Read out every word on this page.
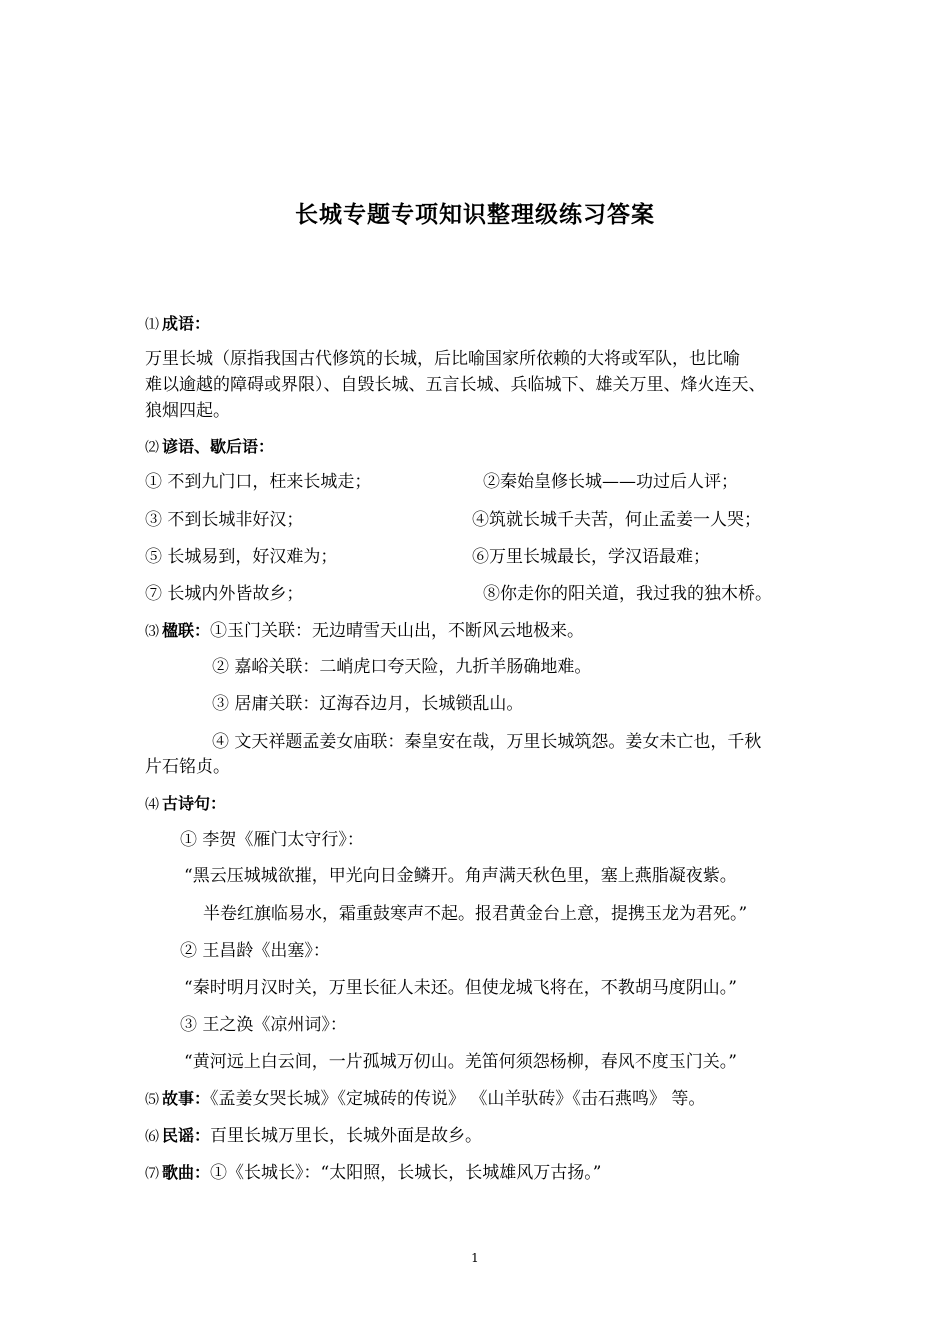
长城专题专项知识整理级练习答案
⑴ 成语：
万里长城（原指我国古代修筑的长城，后比喻国家所依赖的大将或军队，也比喻
难以逾越的障碍或界限）、自毁长城、五言长城、兵临城下、雄关万里、烽火连天、
狼烟四起。
⑵ 谚语、歇后语：
① 不到九门口，枉来长城走；	②秦始皇修长城——功过后人评；
③ 不到长城非好汉；	④筑就长城千夫苦，何止孟姜一人哭；
⑤ 长城易到，好汉难为；	⑥万里长城最长，学汉语最难；
⑦ 长城内外皆故乡；	⑧你走你的阳关道，我过我的独木桥。
⑶ 楹联：①玉门关联：无边晴雪天山出，不断风云地极来。
② 嘉峪关联：二峭虎口夸天险，九折羊肠确地难。
③ 居庸关联：辽海吞边月，长城锁乱山。
④ 文天祥题孟姜女庙联：秦皇安在哉，万里长城筑怨。姜女未亡也，千秋
片石铭贞。
⑷ 古诗句：
① 李贺《雁门太守行》：
“黑云压城城欲摧，甲光向日金鳞开。角声满天秋色里，塞上燕脂凝夜紫。
半卷红旗临易水，霜重鼓寒声不起。报君黄金台上意，提携玉龙为君死。”
② 王昌龄《出塞》：
“秦时明月汉时关，万里长征人未还。但使龙城飞将在，不教胡马度阴山。”
③ 王之涣《凉州词》：
“黄河远上白云间，一片孤城万仞山。羌笛何须怨杨柳，春风不度玉门关。”
⑸ 故事：《孟姜女哭长城》《定城砖的传说》 《山羊驮砖》《击石燕鸣》 等。
⑹ 民谣：百里长城万里长，长城外面是故乡。
⑺ 歌曲：①《长城长》：“太阳照，长城长，长城雄风万古扬。”
1
